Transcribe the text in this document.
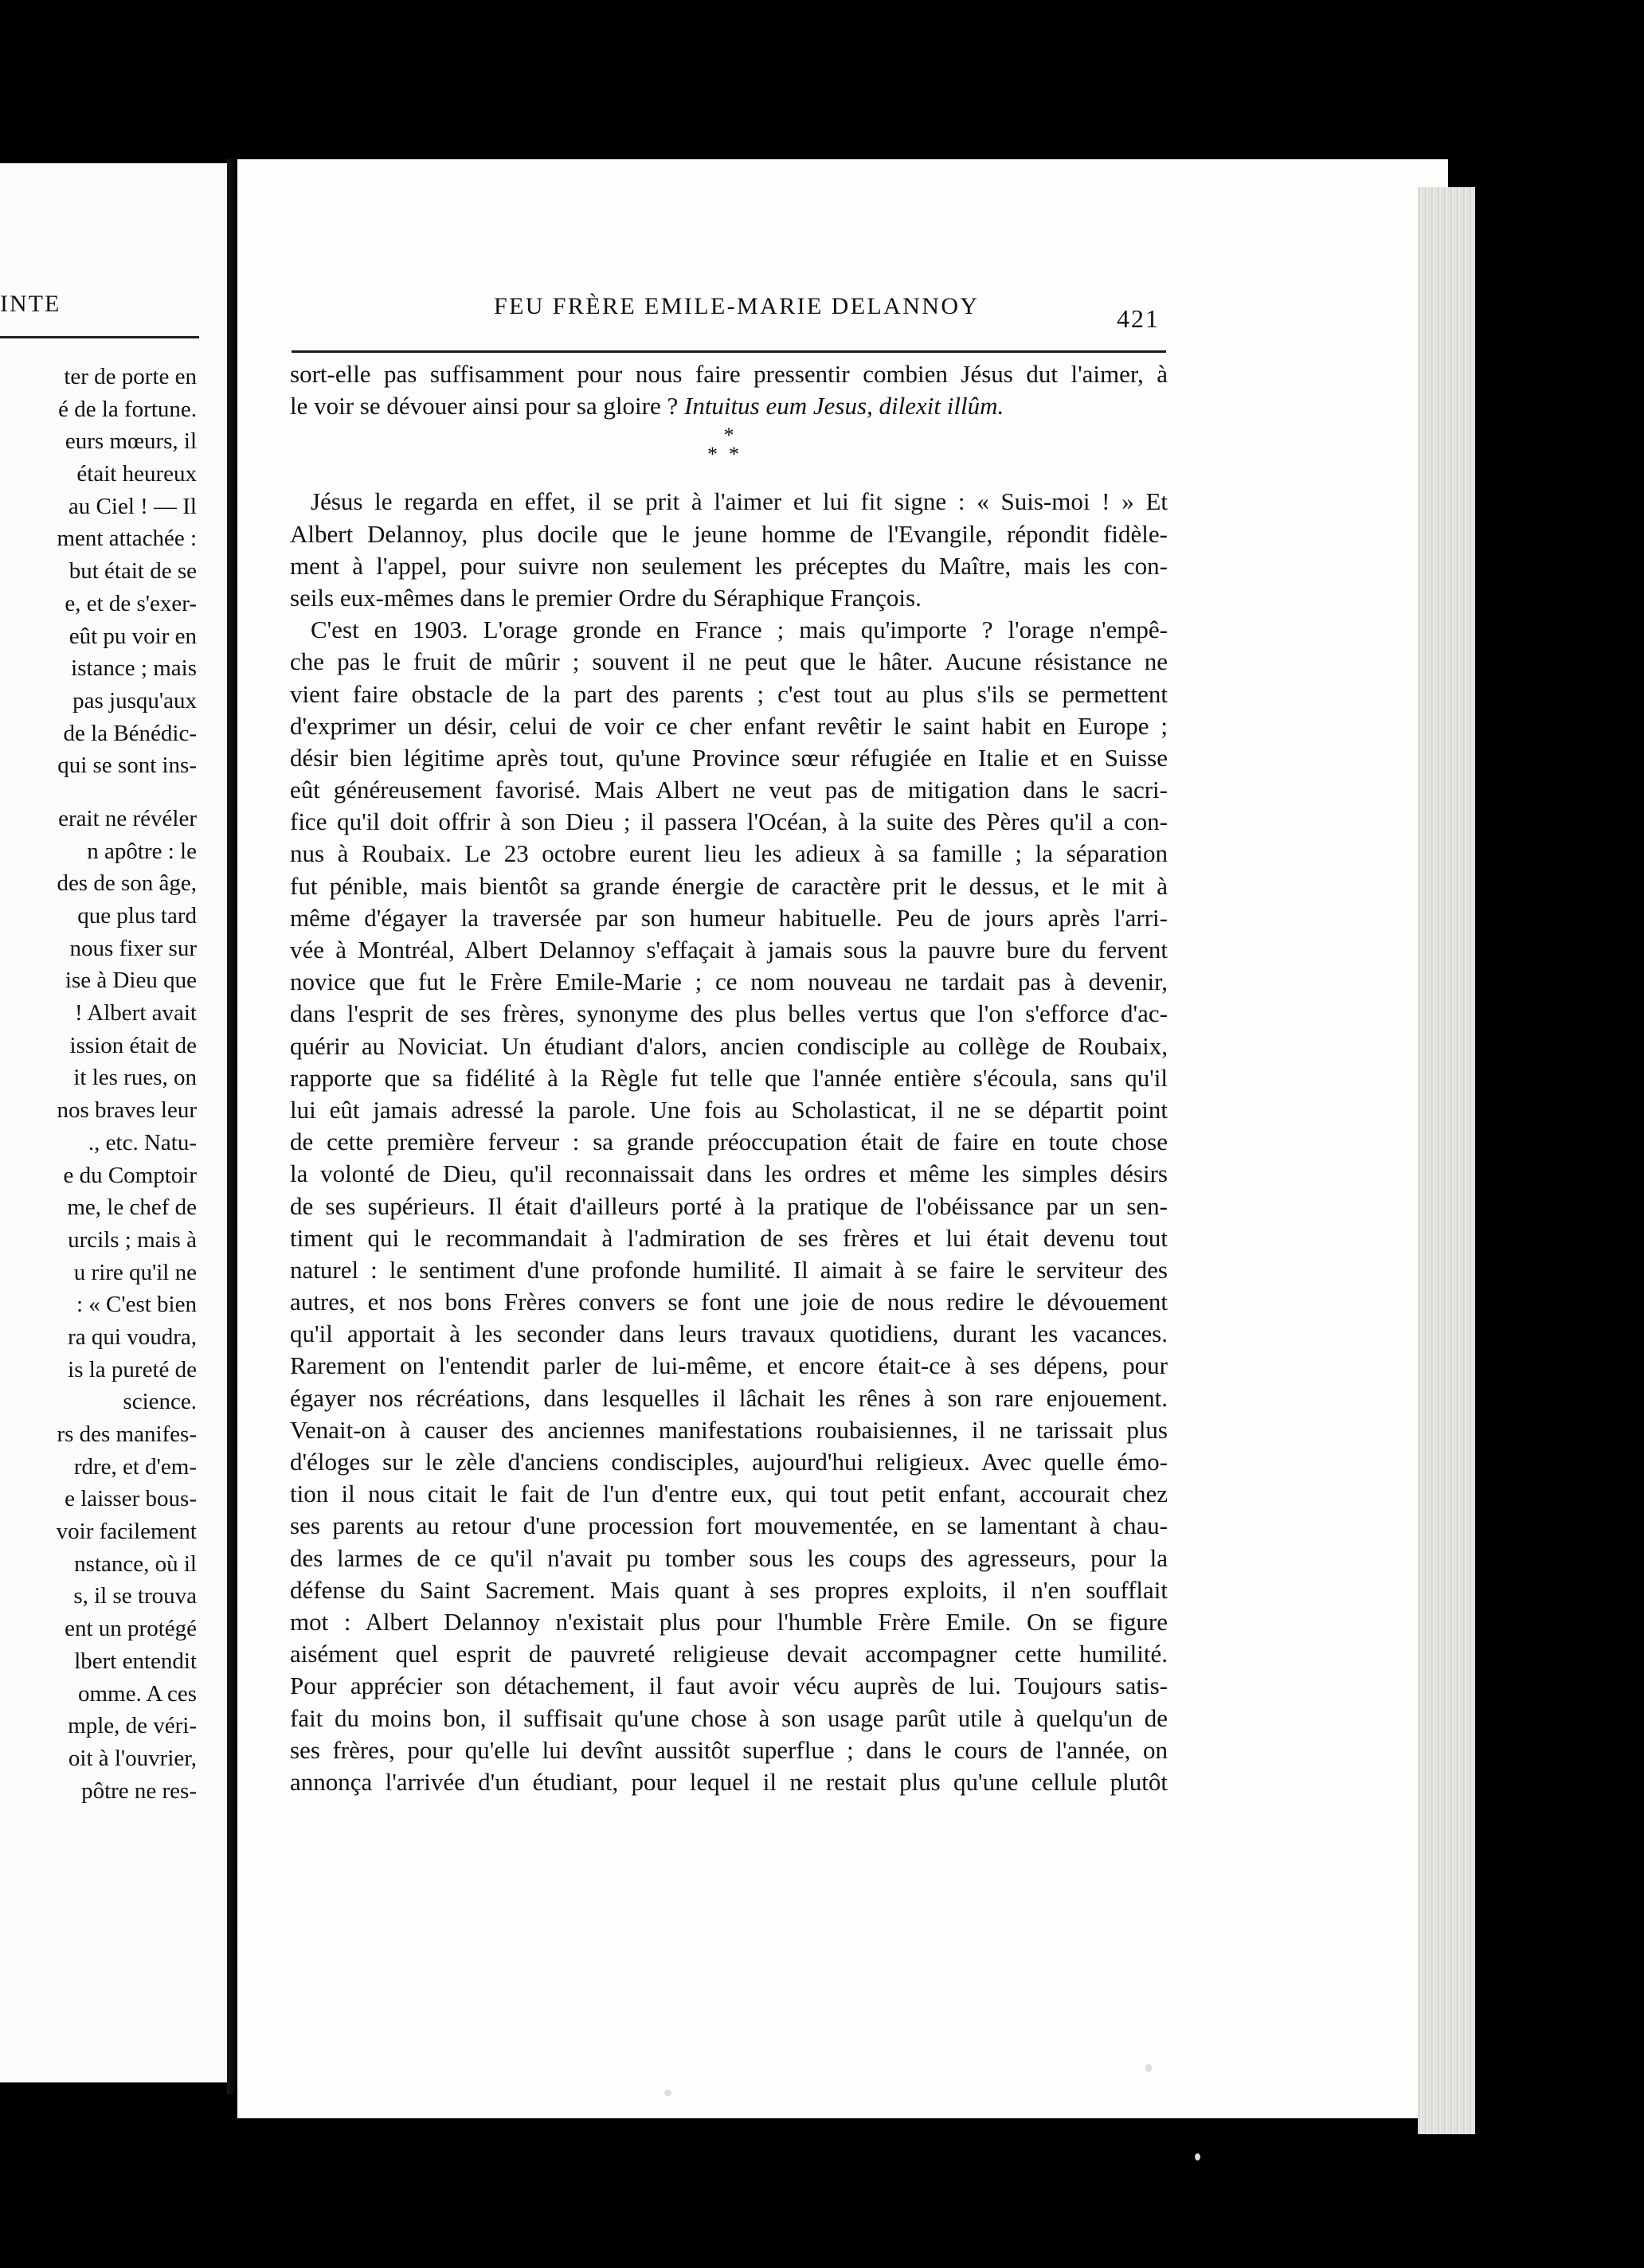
INTE
ter de porte en
é de la fortune.
eurs mœurs, il
était heureux
au Ciel ! — Il
ment attachée :
but était de se
e, et de s'exer-
eût pu voir en
istance ; mais
pas jusqu'aux
de la Bénédic-
qui se sont ins-
erait ne révéler
n apôtre : le
des de son âge,
que plus tard
nous fixer sur
ise à Dieu que
! Albert avait
ission était de
it les rues, on
nos braves leur
., etc. Natu-
e du Comptoir
me, le chef de
urcils ; mais à
u rire qu'il ne
: « C'est bien
ra qui voudra,
is la pureté de
science.
rs des manifes-
rdre, et d'em-
e laisser bous-
voir facilement
nstance, où il
s, il se trouva
ent un protégé
lbert entendit
omme. A ces
mple, de véri-
oit à l'ouvrier,
pôtre ne res-
FEU FRÈRE EMILE-MARIE DELANNOY	421
sort-elle pas suffisamment pour nous faire pressentir combien Jésus dut l'aimer, à
le voir se dévouer ainsi pour sa gloire ? Intuitus eum Jesus, dilexit illûm.
*
**
Jésus le regarda en effet, il se prit à l'aimer et lui fit signe : « Suis-moi ! » Et
Albert Delannoy, plus docile que le jeune homme de l'Evangile, répondit fidèle-
ment à l'appel, pour suivre non seulement les préceptes du Maître, mais les con-
seils eux-mêmes dans le premier Ordre du Séraphique François.
C'est en 1903. L'orage gronde en France ; mais qu'importe ? l'orage n'empê-
che pas le fruit de mûrir ; souvent il ne peut que le hâter. Aucune résistance ne
vient faire obstacle de la part des parents ; c'est tout au plus s'ils se permettent
d'exprimer un désir, celui de voir ce cher enfant revêtir le saint habit en Europe ;
désir bien légitime après tout, qu'une Province sœur réfugiée en Italie et en Suisse
eût généreusement favorisé. Mais Albert ne veut pas de mitigation dans le sacri-
fice qu'il doit offrir à son Dieu ; il passera l'Océan, à la suite des Pères qu'il a con-
nus à Roubaix. Le 23 octobre eurent lieu les adieux à sa famille ; la séparation
fut pénible, mais bientôt sa grande énergie de caractère prit le dessus, et le mit à
même d'égayer la traversée par son humeur habituelle. Peu de jours après l'arri-
vée à Montréal, Albert Delannoy s'effaçait à jamais sous la pauvre bure du fervent
novice que fut le Frère Emile-Marie ; ce nom nouveau ne tardait pas à devenir,
dans l'esprit de ses frères, synonyme des plus belles vertus que l'on s'efforce d'ac-
quérir au Noviciat. Un étudiant d'alors, ancien condisciple au collège de Roubaix,
rapporte que sa fidélité à la Règle fut telle que l'année entière s'écoula, sans qu'il
lui eût jamais adressé la parole. Une fois au Scholasticat, il ne se départit point
de cette première ferveur : sa grande préoccupation était de faire en toute chose
la volonté de Dieu, qu'il reconnaissait dans les ordres et même les simples désirs
de ses supérieurs. Il était d'ailleurs porté à la pratique de l'obéissance par un sen-
timent qui le recommandait à l'admiration de ses frères et lui était devenu tout
naturel : le sentiment d'une profonde humilité. Il aimait à se faire le serviteur des
autres, et nos bons Frères convers se font une joie de nous redire le dévouement
qu'il apportait à les seconder dans leurs travaux quotidiens, durant les vacances.
Rarement on l'entendit parler de lui-même, et encore était-ce à ses dépens, pour
égayer nos récréations, dans lesquelles il lâchait les rênes à son rare enjouement.
Venait-on à causer des anciennes manifestations roubaisiennes, il ne tarissait plus
d'éloges sur le zèle d'anciens condisciples, aujourd'hui religieux. Avec quelle émo-
tion il nous citait le fait de l'un d'entre eux, qui tout petit enfant, accourait chez
ses parents au retour d'une procession fort mouvementée, en se lamentant à chau-
des larmes de ce qu'il n'avait pu tomber sous les coups des agresseurs, pour la
défense du Saint Sacrement. Mais quant à ses propres exploits, il n'en soufflait
mot : Albert Delannoy n'existait plus pour l'humble Frère Emile. On se figure
aisément quel esprit de pauvreté religieuse devait accompagner cette humilité.
Pour apprécier son détachement, il faut avoir vécu auprès de lui. Toujours satis-
fait du moins bon, il suffisait qu'une chose à son usage parût utile à quelqu'un de
ses frères, pour qu'elle lui devînt aussitôt superflue ; dans le cours de l'année, on
annonça l'arrivée d'un étudiant, pour lequel il ne restait plus qu'une cellule plutôt
